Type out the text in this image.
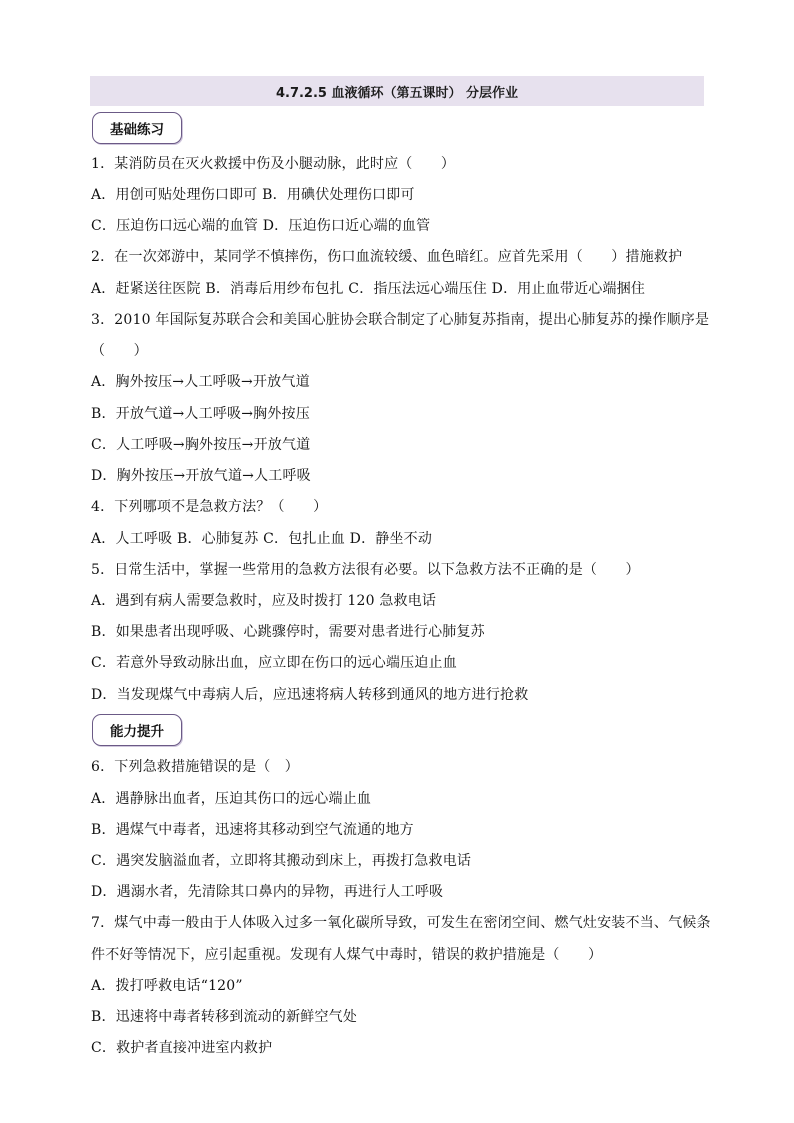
4.7.2.5 血液循环（第五课时） 分层作业
基础练习
1．某消防员在灭火救援中伤及小腿动脉，此时应（　　）
A．用创可贴处理伤口即可 B．用碘伏处理伤口即可
C．压迫伤口远心端的血管 D．压迫伤口近心端的血管
2．在一次郊游中，某同学不慎摔伤，伤口血流较缓、血色暗红。应首先采用（　　）措施救护
A．赶紧送往医院 B．消毒后用纱布包扎 C．指压法远心端压住 D．用止血带近心端捆住
3．2010 年国际复苏联合会和美国心脏协会联合制定了心肺复苏指南，提出心肺复苏的操作顺序是
（　　）
A．胸外按压→人工呼吸→开放气道
B．开放气道→人工呼吸→胸外按压
C．人工呼吸→胸外按压→开放气道
D．胸外按压→开放气道→人工呼吸
4．下列哪项不是急救方法？（　　）
A．人工呼吸 B．心肺复苏 C．包扎止血 D．静坐不动
5．日常生活中，掌握一些常用的急救方法很有必要。以下急救方法不正确的是（　　）
A．遇到有病人需要急救时，应及时拨打 120 急救电话
B．如果患者出现呼吸、心跳骤停时，需要对患者进行心肺复苏
C．若意外导致动脉出血，应立即在伤口的远心端压迫止血
D．当发现煤气中毒病人后，应迅速将病人转移到通风的地方进行抢救
能力提升
6．下列急救措施错误的是（　）
A．遇静脉出血者，压迫其伤口的远心端止血
B．遇煤气中毒者，迅速将其移动到空气流通的地方
C．遇突发脑溢血者，立即将其搬动到床上，再拨打急救电话
D．遇溺水者，先清除其口鼻内的异物，再进行人工呼吸
7．煤气中毒一般由于人体吸入过多一氧化碳所导致，可发生在密闭空间、燃气灶安装不当、气候条
件不好等情况下，应引起重视。发现有人煤气中毒时，错误的救护措施是（　　）
A．拨打呼救电话“120”
B．迅速将中毒者转移到流动的新鲜空气处
C．救护者直接冲进室内救护
